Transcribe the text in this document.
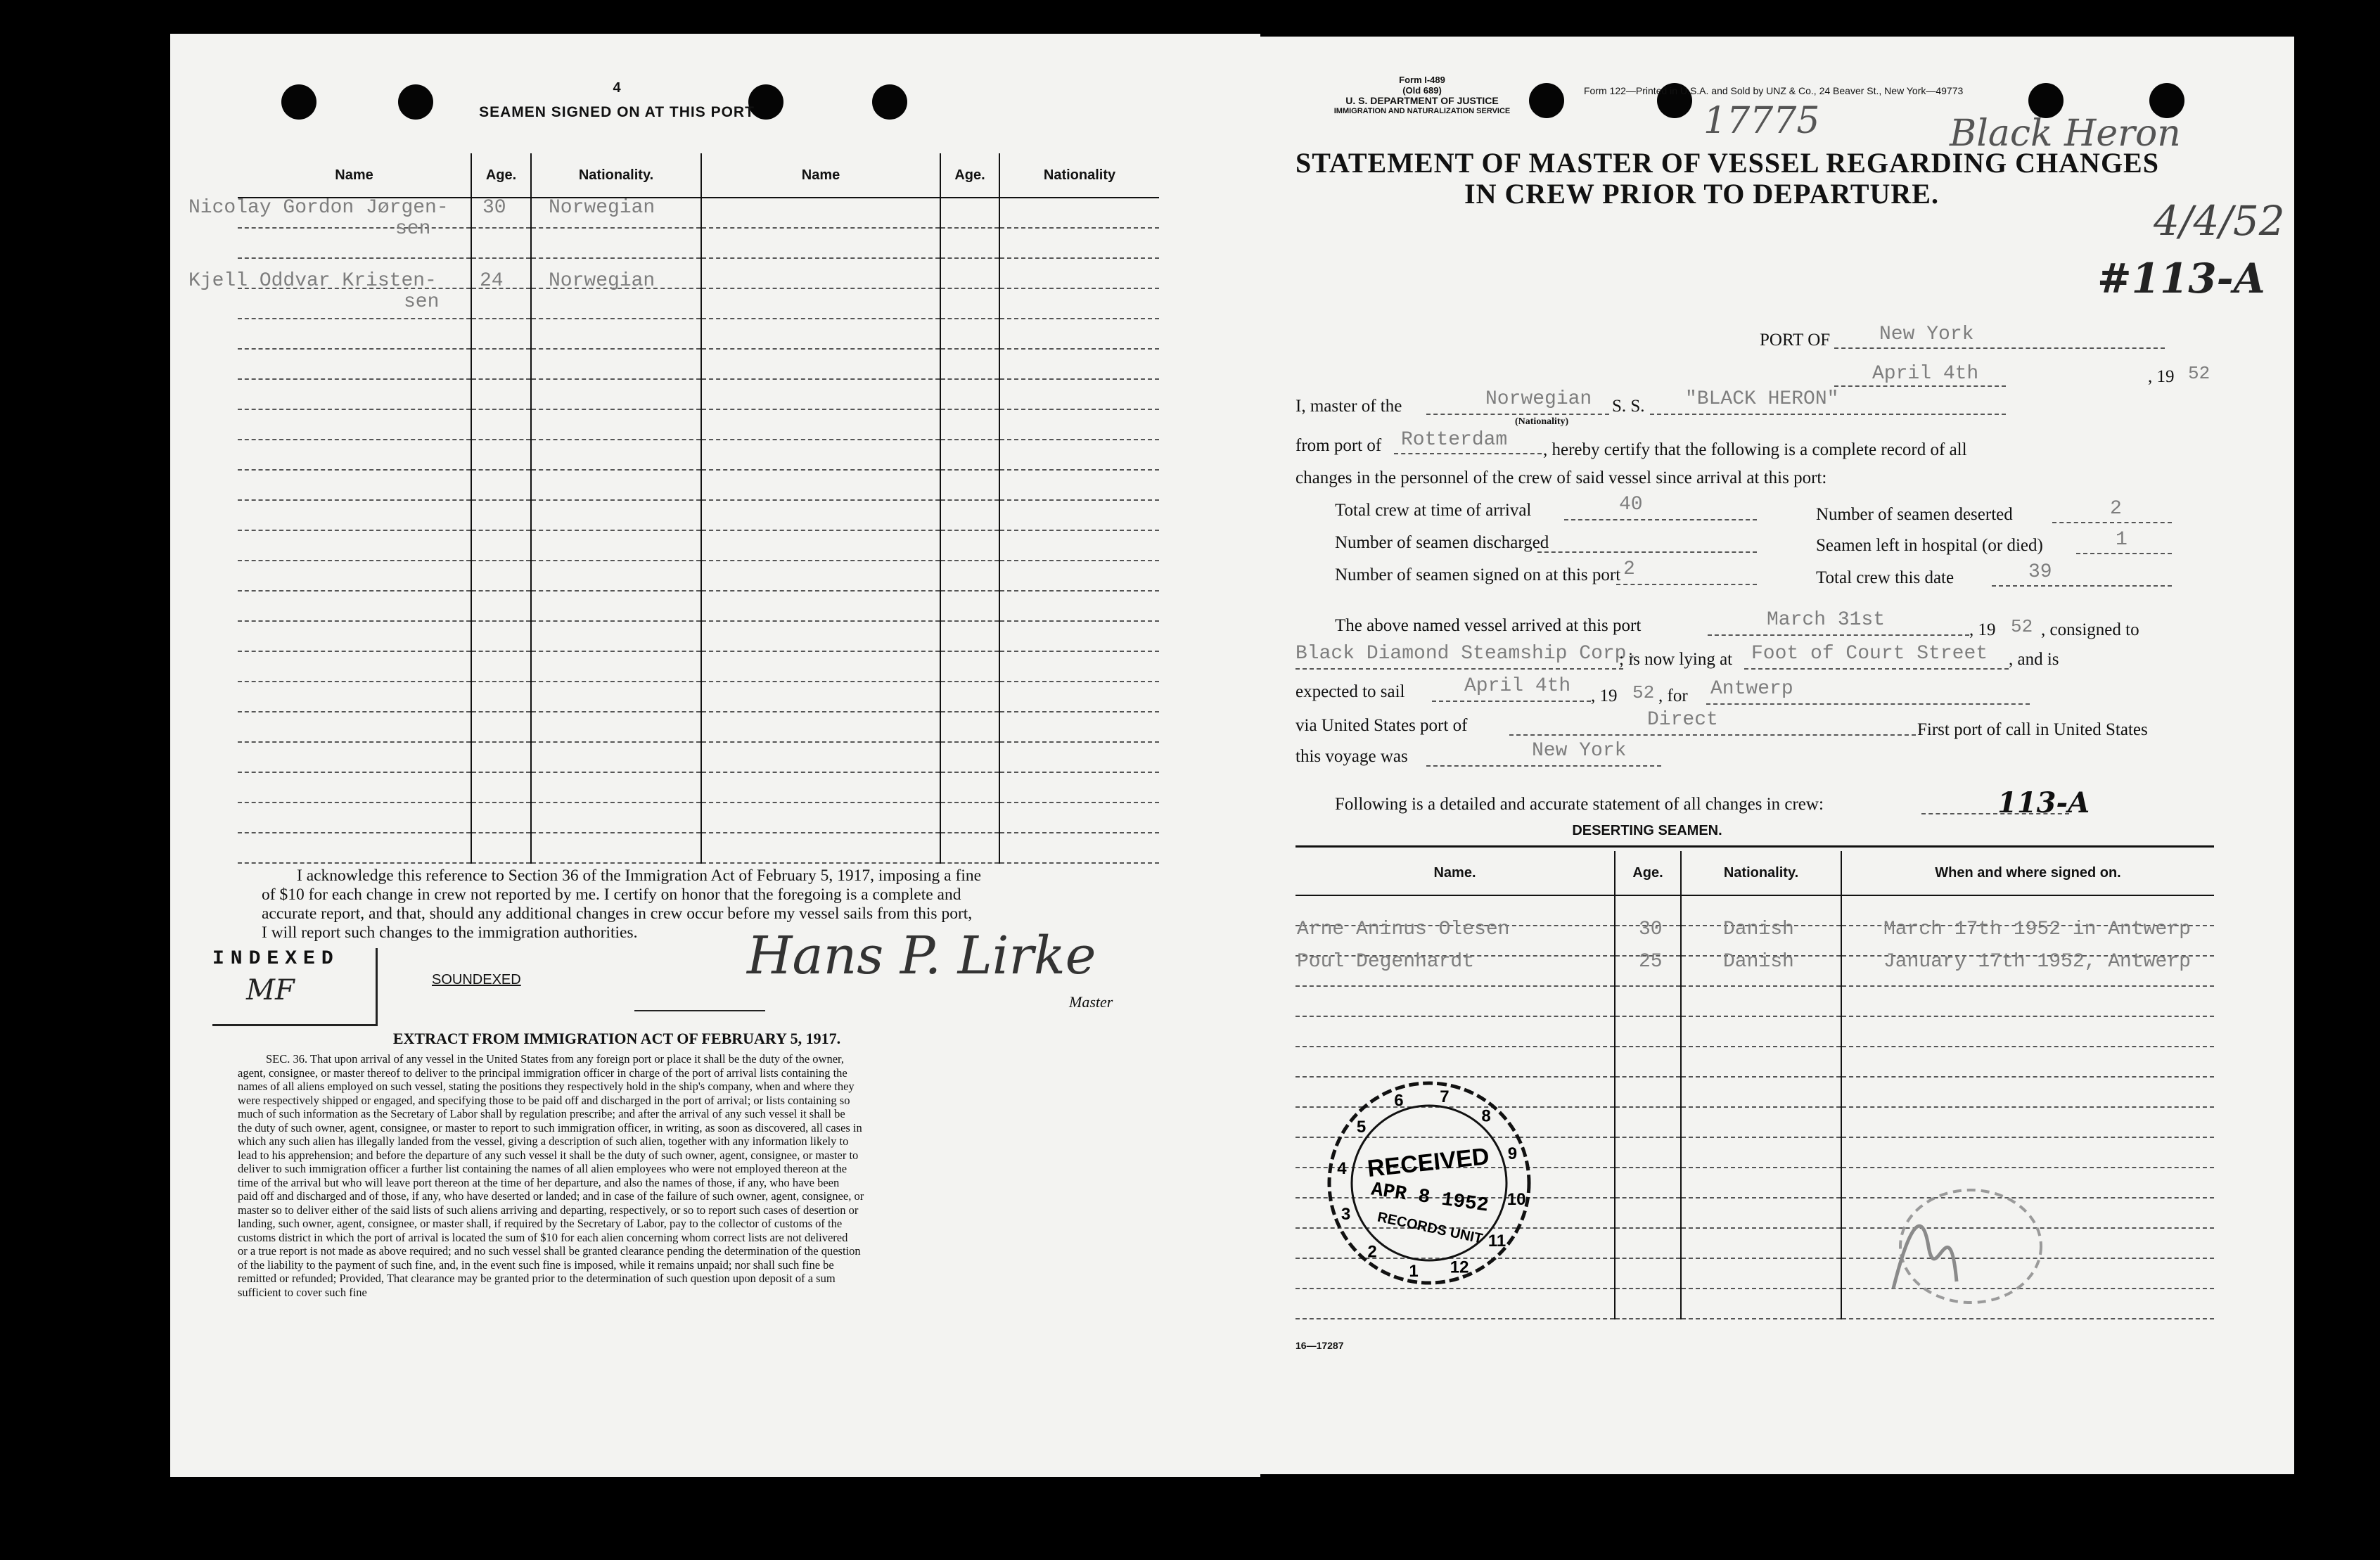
4
SEAMEN SIGNED ON AT THIS PORT
Name	Age.	Nationality.	Name	Age.	Nationality

Nicolay Gordon Jørgen-
sen
30 Norwegian
Kjell Oddvar Kristen-
sen
24 Norwegian
I acknowledge this reference to Section 36 of the Immigration Act of February 5, 1917, imposing a fine
of $10 for each change in crew not reported by me. I certify on honor that the foregoing is a complete and
accurate report, and that, should any additional changes in crew occur before my vessel sails from this port,
I will report such changes to the immigration authorities.
INDEXED
MF	SOUNDEXED	Hans P. Lirke
Master
EXTRACT FROM IMMIGRATION ACT OF FEBRUARY 5, 1917.
SEC. 36. That upon arrival of any vessel in the United States from any foreign port or place it shall be the duty of the owner,
agent, consignee, or master thereof to deliver to the principal immigration officer in charge of the port of arrival lists containing the
names of all aliens employed on such vessel, stating the positions they respectively hold in the ship's company, when and where they
were respectively shipped or engaged, and specifying those to be paid off and discharged in the port of arrival; or lists containing so
much of such information as the Secretary of Labor shall by regulation prescribe; and after the arrival of any such vessel it shall be
the duty of such owner, agent, consignee, or master to report to such immigration officer, in writing, as soon as discovered, all cases in
which any such alien has illegally landed from the vessel, giving a description of such alien, together with any information likely to
lead to his apprehension; and before the departure of any such vessel it shall be the duty of such owner, agent, consignee, or master to
deliver to such immigration officer a further list containing the names of all alien employees who were not employed thereon at the
time of the arrival but who will leave port thereon at the time of her departure, and also the names of those, if any, who have been
paid off and discharged and of those, if any, who have deserted or landed; and in case of the failure of such owner, agent, consignee, or
master so to deliver either of the said lists of such aliens arriving and departing, respectively, or so to report such cases of desertion or
landing, such owner, agent, consignee, or master shall, if required by the Secretary of Labor, pay to the collector of customs of the
customs district in which the port of arrival is located the sum of $10 for each alien concerning whom correct lists are not delivered
or a true report is not made as above required; and no such vessel shall be granted clearance pending the determination of the question
of the liability to the payment of such fine, and, in the event such fine is imposed, while it remains unpaid; nor shall such fine be
remitted or refunded; Provided, That clearance may be granted prior to the determination of such question upon deposit of a sum
sufficient to cover such fine
Form I-489
(Old 689)
U. S. DEPARTMENT OF JUSTICE
IMMIGRATION AND NATURALIZATION SERVICE
Form 122—Printed in U.S.A. and Sold by UNZ & Co., 24 Beaver St., New York—49773
17775	Black Heron
4/4/52
#113-A
STATEMENT OF MASTER OF VESSEL REGARDING CHANGES
IN CREW PRIOR TO DEPARTURE.
PORT OF New York
April 4th	, 19 52
I, master of the	Norwegian
(Nationality)
S. S. "BLACK HERON"
from port of Rotterdam , hereby certify that the following is a complete record of all
changes in the personnel of the crew of said vessel since arrival at this port:
Total crew at time of arrival	40	Number of seamen deserted	2
Number of seamen discharged	Seamen left in hospital (or died)	1
Number of seamen signed on at this port 2	Total crew this date	39
The above named vessel arrived at this port	March 31st	, 19 52 , consigned to
Black Diamond Steamship Corp.
; is now lying at Foot of Court Street , and is
expected to sail	April 4th , 19 52 , for Antwerp
via United States port of	Direct	First port of call in United States
this voyage was	New York
Following is a detailed and accurate statement of all changes in crew:	113-A
DESERTING SEAMEN.
Name.	Age.	Nationality.	When and where signed on.

Arne Aninus Olesen	30	Danish	March 17th 1952 in Antwerp
Poul Degenhardt	25	Danish	January 17th 1952, Antwerp
1
2
3
4
5
6 7
8
9
10
11
12
RECEIVED
APR 8 1952
RECORDS UNIT
16—17287
